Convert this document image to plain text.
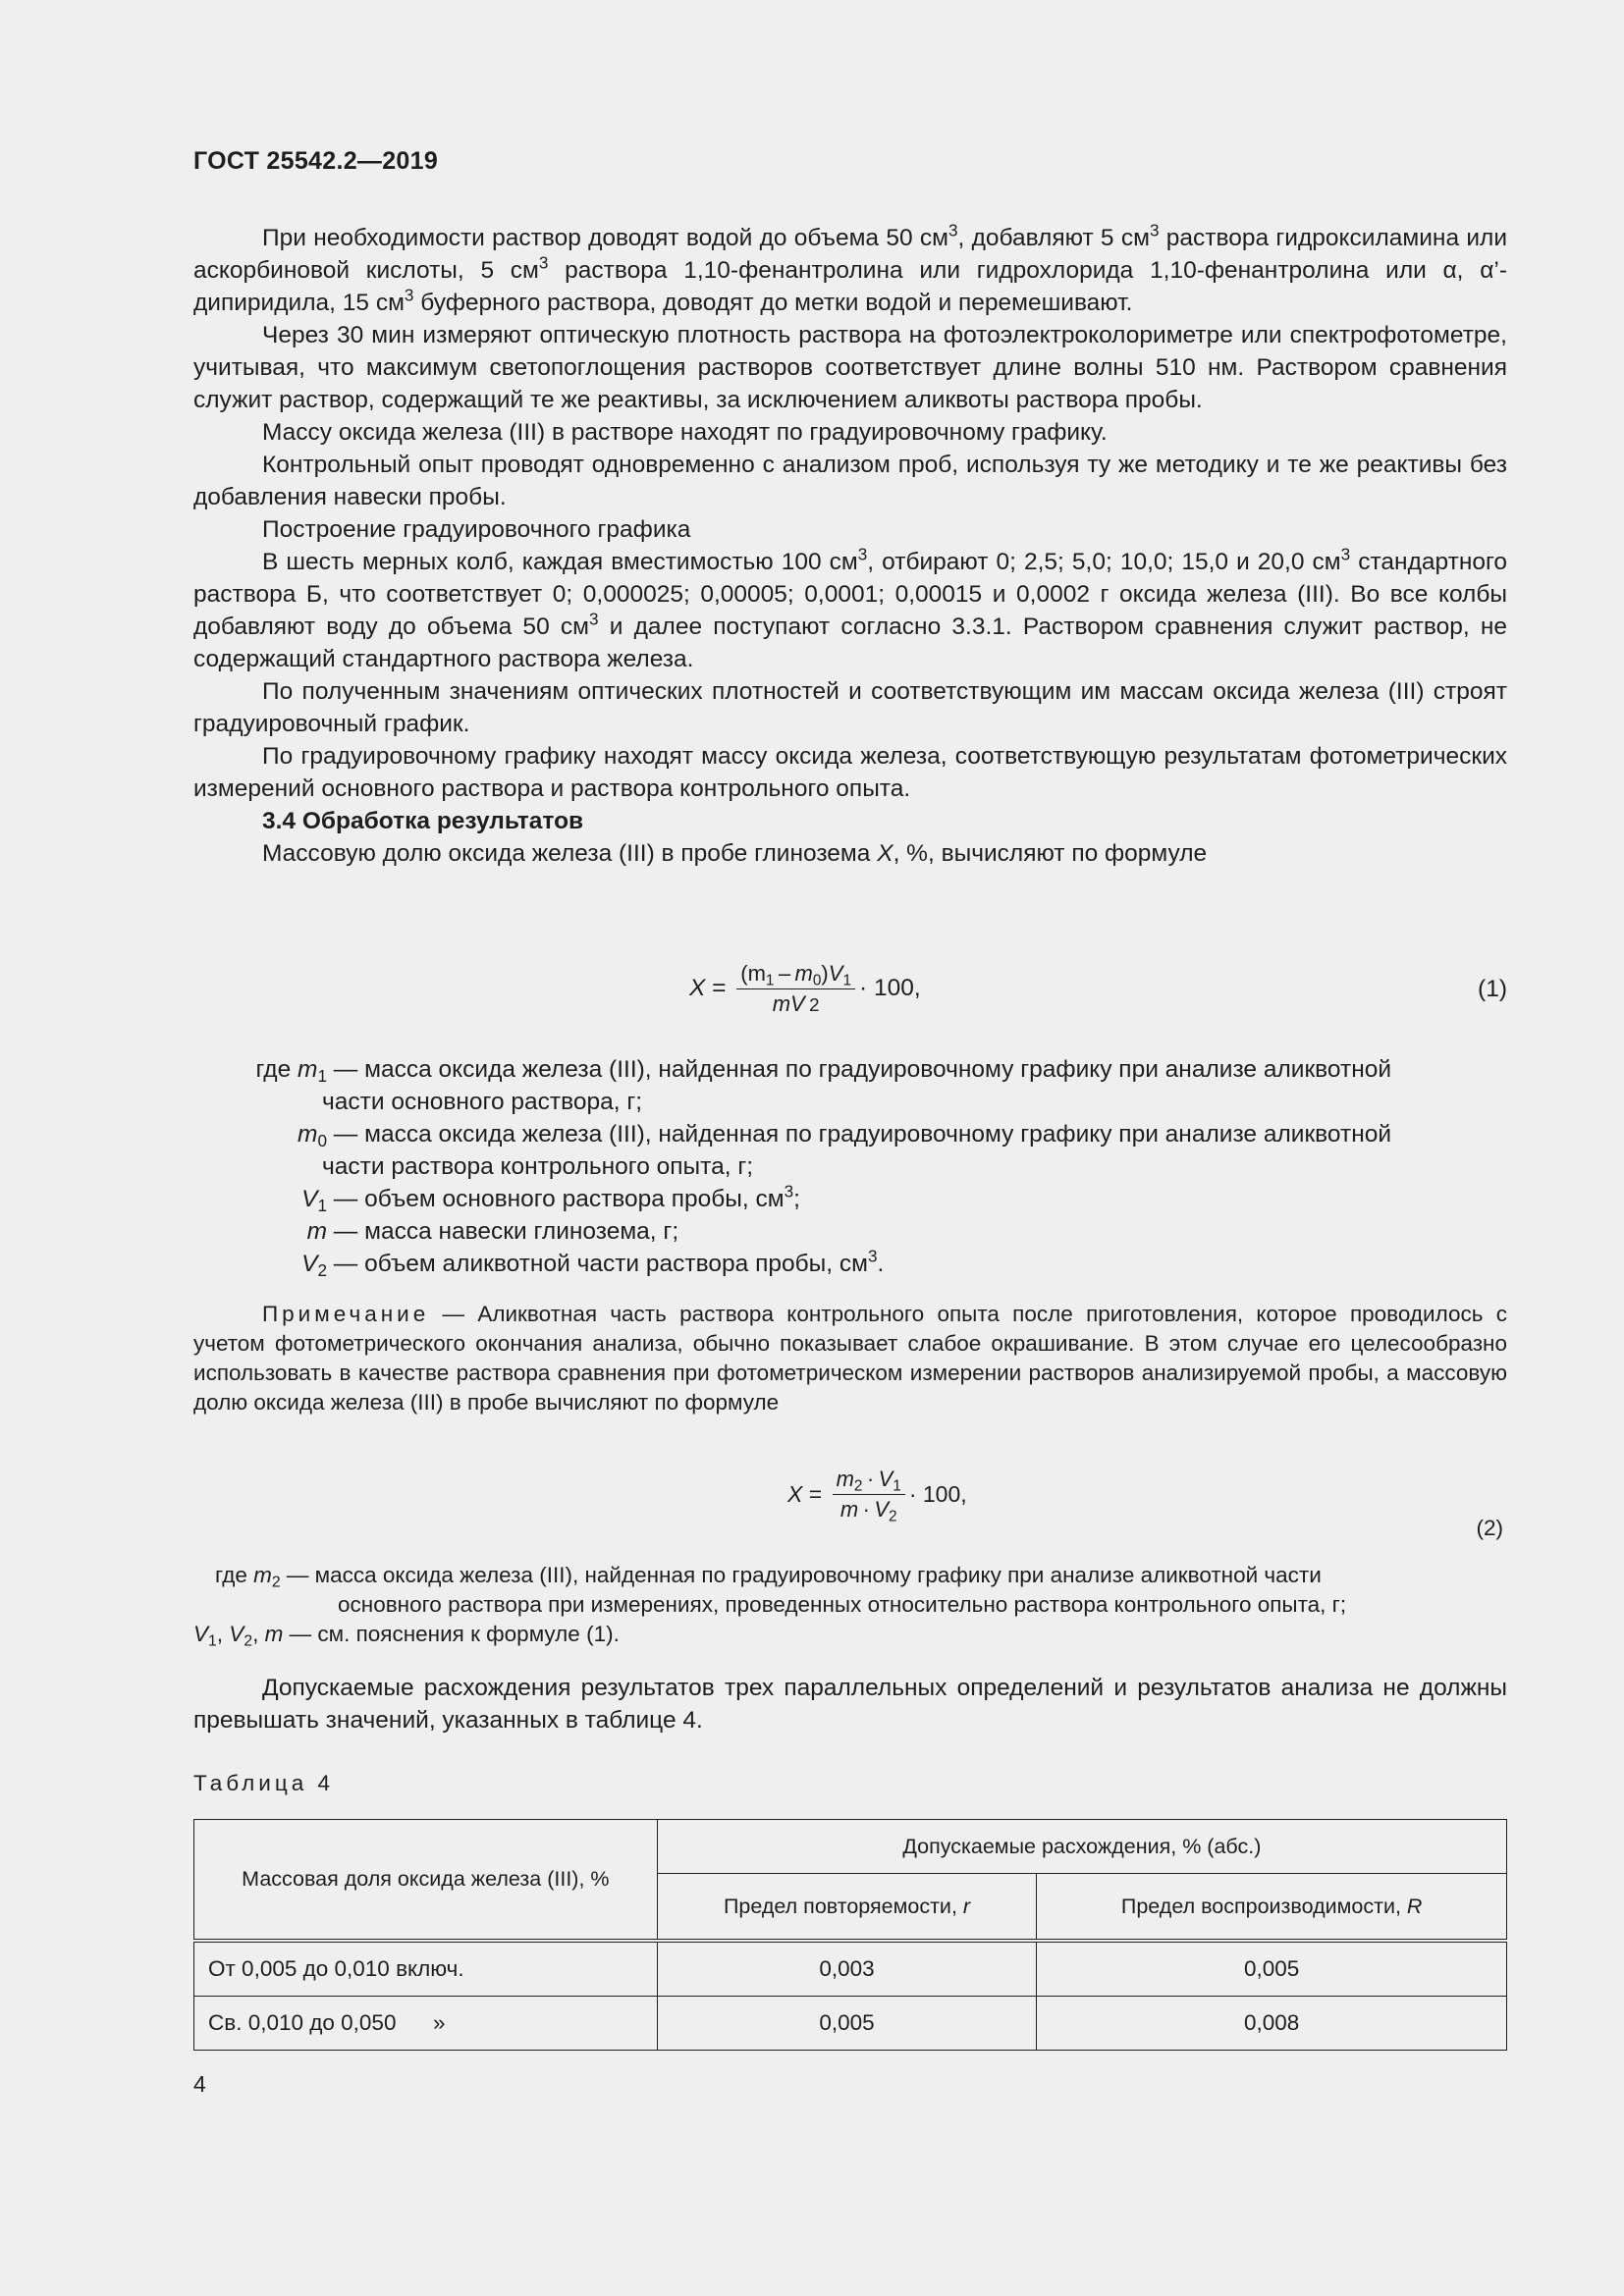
ГОСТ 25542.2—2019

При необходимости раствор доводят водой до объема 50 $см^3$, добавляют 5 $см^3$ раствора гидроксиламина или аскорбиновой кислоты, 5 $см^3$ раствора 1,10-фенантролина или гидрохлорида 1,10-фенантролина или α, α’-дипиридила, 15 $см^3$ буферного раствора, доводят до метки водой и перемешивают.

Через 30 мин измеряют оптическую плотность раствора на фотоэлектроколориметре или спектрофотометре, учитывая, что максимум светопоглощения растворов соответствует длине волны 510 нм. Раствором сравнения служит раствор, содержащий те же реактивы, за исключением аликвоты раствора пробы.

Массу оксида железа (III) в растворе находят по градуировочному графику.

Контрольный опыт проводят одновременно с анализом проб, используя ту же методику и те же реактивы без добавления навески пробы.

Построение градуировочного графика

В шесть мерных колб, каждая вместимостью 100 $см^3$, отбирают 0; 2,5; 5,0; 10,0; 15,0 и 20,0 $см^3$ стандартного раствора Б, что соответствует 0; 0,000025; 0,00005; 0,0001; 0,00015 и 0,0002 г оксида железа (III). Во все колбы добавляют воду до объема 50 $см^3$ и далее поступают согласно 3.3.1. Раствором сравнения служит раствор, не содержащий стандартного раствора железа.

По полученным значениям оптических плотностей и соответствующим им массам оксида железа (III) строят градуировочный график.

По градуировочному графику находят массу оксида железа, соответствующую результатам фотометрических измерений основного раствора и раствора контрольного опыта.

3.4 Обработка результатов

Массовую долю оксида железа (III) в пробе глинозема X, %, вычисляют по формуле

$X = \frac{(m_1 - m_0)V_1}{mV 2} \cdot 100$,	(1)
где $m_1$ — масса оксида железа (III), найденная по градуировочному графику при анализе аликвотной
части основного раствора, г;
$m_0$ — масса оксида железа (III), найденная по градуировочному графику при анализе аликвотной
части раствора контрольного опыта, г;
$V_1$ — объем основного раствора пробы, $см^3$;
m — масса навески глинозема, г;
$V_2$ — объем аликвотной части раствора пробы, $см^3$.

Примечание — Аликвотная часть раствора контрольного опыта после приготовления, которое проводилось с учетом фотометрического окончания анализа, обычно показывает слабое окрашивание. В этом случае его целесообразно использовать в качестве раствора сравнения при фотометрическом измерении растворов анализируемой пробы, а массовую долю оксида железа (III) в пробе вычисляют по формуле

$X = \frac{m_2 \cdot V_1}{m \cdot V_2} \cdot 100$,
(2)
где $m_2$ — масса оксида железа (III), найденная по градуировочному графику при анализе аликвотной части
основного раствора при измерениях, проведенных относительно раствора контрольного опыта, г;
$V_1$, $V_2$, m — см. пояснения к формуле (1).

Допускаемые расхождения результатов трех параллельных определений и результатов анализа не должны превышать значений, указанных в таблице 4.

Таблица 4
Массовая доля оксида железа (III), %	Допускаемые расхождения, % (абс.)	
	Предел повторяемости, r	Предел воспроизводимости, R
От 0,005 до 0,010 включ.	0,003	0,005
Св. 0,010 до 0,050      »	0,005	0,008
4
